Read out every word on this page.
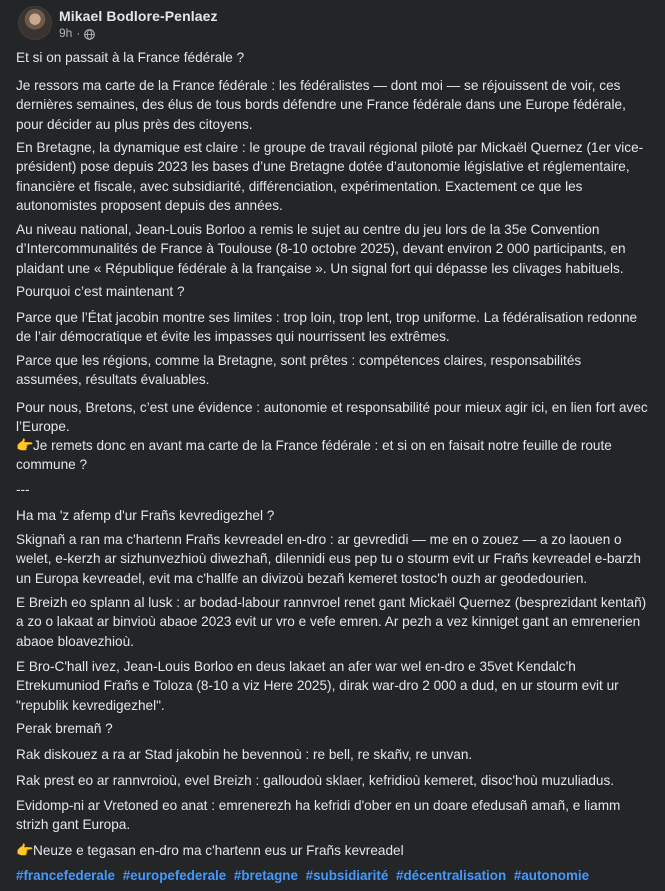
Mikael Bodlore-Penlaez
9h ·

Et si on passait à la France fédérale ?

Je ressors ma carte de la France fédérale : les fédéralistes — dont moi — se réjouissent de voir, ces dernières semaines, des élus de tous bords défendre une France fédérale dans une Europe fédérale, pour décider au plus près des citoyens.

En Bretagne, la dynamique est claire : le groupe de travail régional piloté par Mickaël Quernez (1er vice-président) pose depuis 2023 les bases d’une Bretagne dotée d’autonomie législative et réglementaire, financière et fiscale, avec subsidiarité, différenciation, expérimentation. Exactement ce que les autonomistes proposent depuis des années.

Au niveau national, Jean-Louis Borloo a remis le sujet au centre du jeu lors de la 35e Convention d’Intercommunalités de France à Toulouse (8-10 octobre 2025), devant environ 2 000 participants, en plaidant une « République fédérale à la française ». Un signal fort qui dépasse les clivages habituels.

Pourquoi c’est maintenant ?

Parce que l’État jacobin montre ses limites : trop loin, trop lent, trop uniforme. La fédéralisation redonne de l’air démocratique et évite les impasses qui nourrissent les extrêmes.

Parce que les régions, comme la Bretagne, sont prêtes : compétences claires, responsabilités assumées, résultats évaluables.

Pour nous, Bretons, c’est une évidence : autonomie et responsabilité pour mieux agir ici, en lien fort avec l’Europe.

👉Je remets donc en avant ma carte de la France fédérale : et si on en faisait notre feuille de route commune ?

---

Ha ma 'z afemp d'ur Frañs kevredigezhel ?

Skignañ a ran ma c'hartenn Frañs kevreadel en-dro : ar gevredidi — me en o zouez — a zo laouen o welet, e-kerzh ar sizhunvezhioù diwezhañ, dilennidi eus pep tu o stourm evit ur Frañs kevreadel e-barzh un Europa kevreadel, evit ma c'hallfe an divizoù bezañ kemeret tostoc'h ouzh ar geodedourien.

E Breizh eo splann al lusk : ar bodad-labour rannvroel renet gant Mickaël Quernez (besprezidant kentañ) a zo o lakaat ar binvioù abaoe 2023 evit ur vro e vefe emren. Ar pezh a vez kinniget gant an emrenerien abaoe bloavezhioù.

E Bro-C'hall ivez, Jean-Louis Borloo en deus lakaet an afer war wel en-dro e 35vet Kendalc'h Etrekumuniod Frañs e Toloza (8-10 a viz Here 2025), dirak war-dro 2 000 a dud, en ur stourm evit ur "republik kevredigezhel".

Perak bremañ ?

Rak diskouez a ra ar Stad jakobin he bevennoù : re bell, re skañv, re unvan.

Rak prest eo ar rannvroioù, evel Breizh : galloudoù sklaer, kefridioù kemeret, disoc'hoù muzuliadus.

Evidomp-ni ar Vretoned eo anat : emrenerezh ha kefridi d'ober en un doare efedusañ amañ, e liamm strizh gant Europa.

👉Neuze e tegasan en-dro ma c'hartenn eus ur Frañs kevreadel

#francefederale #europefederale #bretagne #subsidiarité #décentralisation #autonomie
